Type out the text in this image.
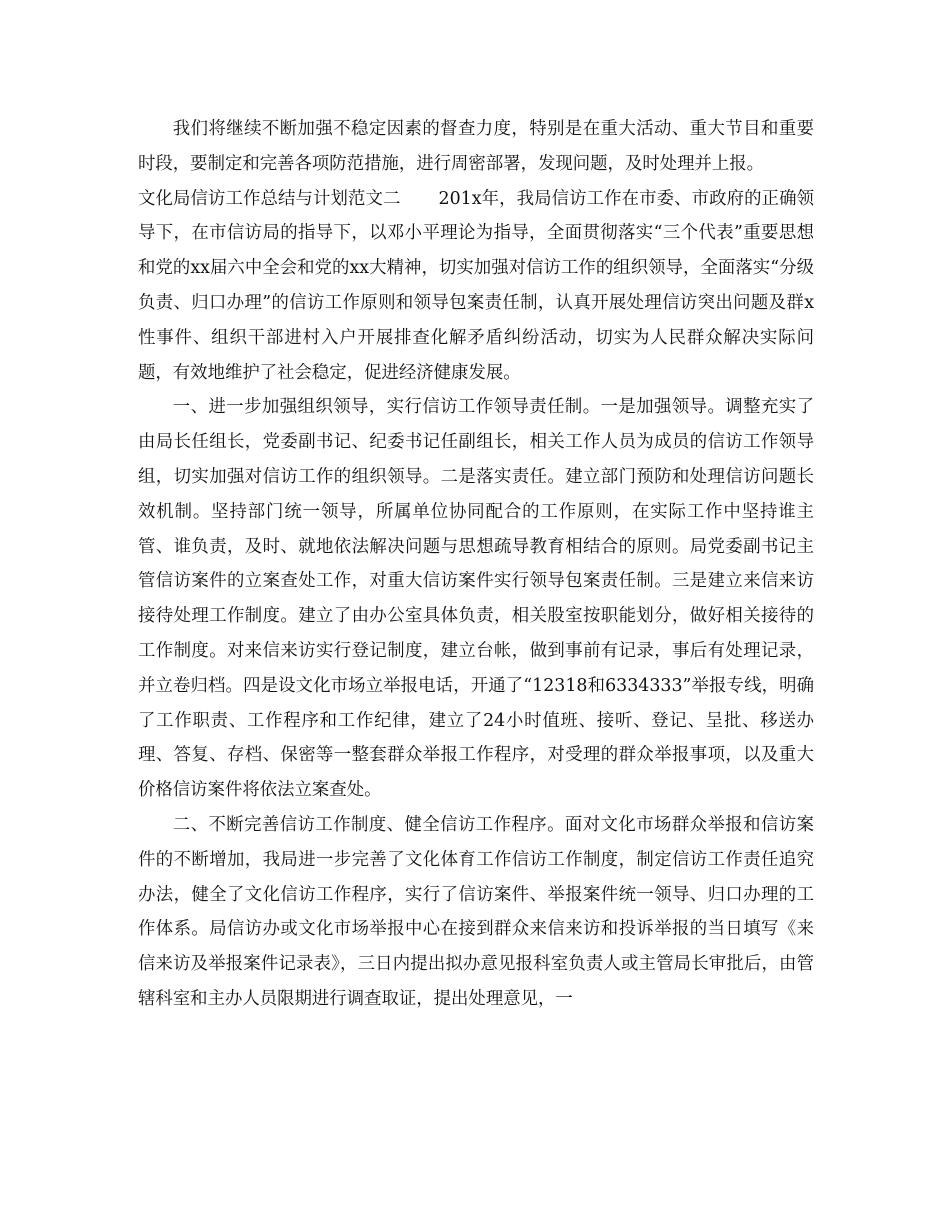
我们将继续不断加强不稳定因素的督查力度，特别是在重大活动、重大节目和重要时段，要制定和完善各项防范措施，进行周密部署，发现问题，及时处理并上报。

文化局信访工作总结与计划范文二 201x年，我局信访工作在市委、市政府的正确领导下，在市信访局的指导下，以邓小平理论为指导，全面贯彻落实“三个代表”重要思想和党的xx届六中全会和党的xx大精神，切实加强对信访工作的组织领导，全面落实“分级负责、归口办理”的信访工作原则和领导包案责任制，认真开展处理信访突出问题及群x性事件、组织干部进村入户开展排查化解矛盾纠纷活动，切实为人民群众解决实际问题，有效地维护了社会稳定，促进经济健康发展。

一、进一步加强组织领导，实行信访工作领导责任制。一是加强领导。调整充实了由局长任组长，党委副书记、纪委书记任副组长，相关工作人员为成员的信访工作领导组，切实加强对信访工作的组织领导。二是落实责任。建立部门预防和处理信访问题长效机制。坚持部门统一领导，所属单位协同配合的工作原则，在实际工作中坚持谁主管、谁负责，及时、就地依法解决问题与思想疏导教育相结合的原则。局党委副书记主管信访案件的立案查处工作，对重大信访案件实行领导包案责任制。三是建立来信来访接待处理工作制度。建立了由办公室具体负责，相关股室按职能划分，做好相关接待的工作制度。对来信来访实行登记制度，建立台帐，做到事前有记录，事后有处理记录，并立卷归档。四是设文化市场立举报电话，开通了“12318和6334333”举报专线，明确了工作职责、工作程序和工作纪律，建立了24小时值班、接听、登记、呈批、移送办理、答复、存档、保密等一整套群众举报工作程序，对受理的群众举报事项，以及重大价格信访案件将依法立案查处。

二、不断完善信访工作制度、健全信访工作程序。面对文化市场群众举报和信访案件的不断增加，我局进一步完善了文化体育工作信访工作制度，制定信访工作责任追究办法，健全了文化信访工作程序，实行了信访案件、举报案件统一领导、归口办理的工作体系。局信访办或文化市场举报中心在接到群众来信来访和投诉举报的当日填写《来信来访及举报案件记录表》，三日内提出拟办意见报科室负责人或主管局长审批后，由管辖科室和主办人员限期进行调查取证，提出处理意见，一
